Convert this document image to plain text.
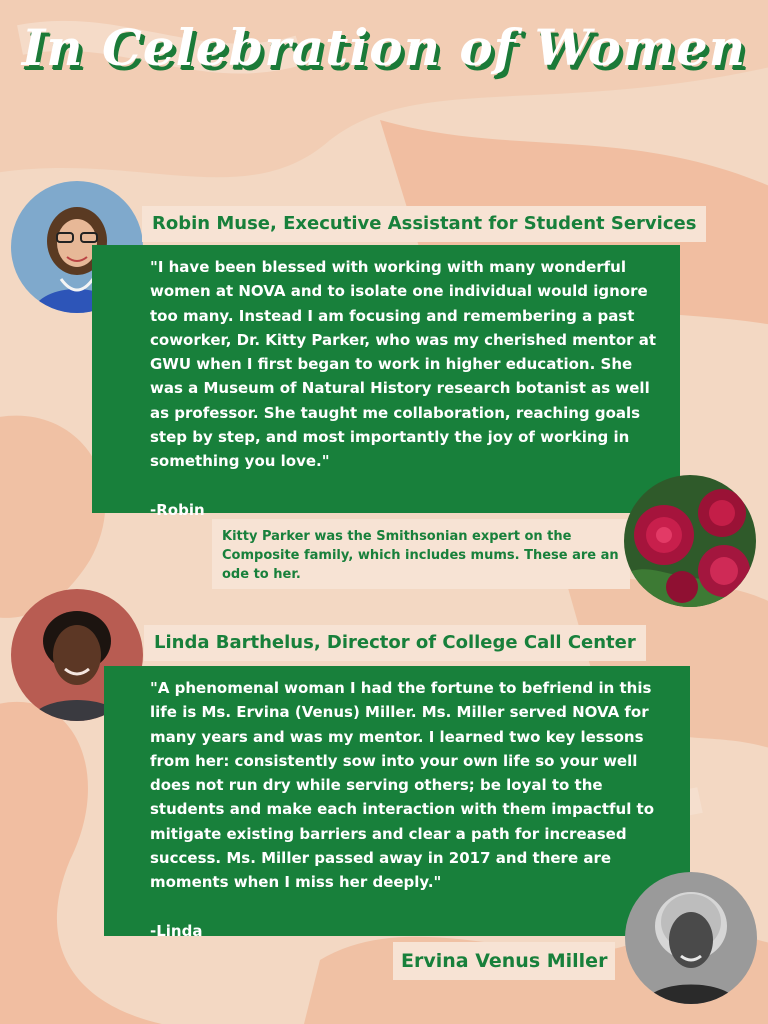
In Celebration of Women
Robin Muse, Executive Assistant for Student Services

"I have been blessed with working with many wonderful women at NOVA and to isolate one individual would ignore too many. Instead I am focusing and remembering a past coworker, Dr. Kitty Parker, who was my cherished mentor at GWU when I first began to work in higher education. She was a Museum of Natural History research botanist as well as professor. She taught me collaboration, reaching goals step by step, and most importantly the joy of working in something you love."

-Robin

Kitty Parker was the Smithsonian expert on the Composite family, which includes mums. These are an ode to her.
Linda Barthelus, Director of College Call Center

"A phenomenal woman I had the fortune to befriend in this life is Ms. Ervina (Venus) Miller. Ms. Miller served NOVA for many years and was my mentor. I learned two key lessons from her: consistently sow into your own life so your well does not run dry while serving others; be loyal to the students and make each interaction with them impactful to mitigate existing barriers and clear a path for increased success. Ms. Miller passed away in 2017 and there are moments when I miss her deeply."

-Linda

Ervina Venus Miller
